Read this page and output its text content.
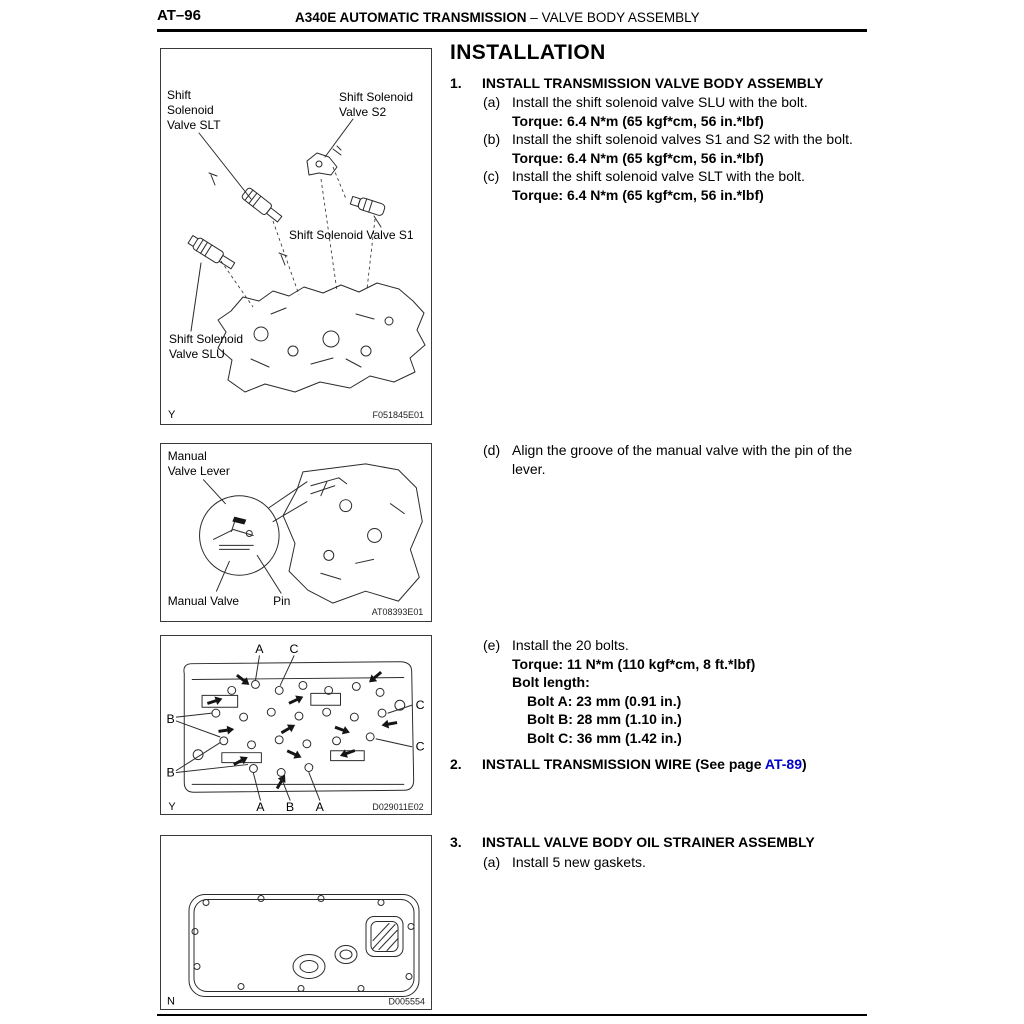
AT–96	A340E AUTOMATIC TRANSMISSION – VALVE BODY ASSEMBLY
Shift
Solenoid
Valve SLT
Shift Solenoid
Valve S2
Shift Solenoid Valve S1
Shift Solenoid
Valve SLU
Y	F051845E01
Manual
Valve Lever
Manual Valve	Pin
AT08393E01
A C
B
B
C
C
A B A
Y	D029011E02
N	D005554
INSTALLATION
1.	INSTALL TRANSMISSION VALVE BODY ASSEMBLY
(a) Install the shift solenoid valve SLU with the bolt.
Torque: 6.4 N*m (65 kgf*cm, 56 in.*lbf)
(b) Install the shift solenoid valves S1 and S2 with the bolt.
Torque: 6.4 N*m (65 kgf*cm, 56 in.*lbf)
(c) Install the shift solenoid valve SLT with the bolt.
Torque: 6.4 N*m (65 kgf*cm, 56 in.*lbf)
(d) Align the groove of the manual valve with the pin of the lever.
(e) Install the 20 bolts.
Torque: 11 N*m (110 kgf*cm, 8 ft.*lbf)
Bolt length:
Bolt A: 23 mm (0.91 in.)
Bolt B: 28 mm (1.10 in.)
Bolt C: 36 mm (1.42 in.)
2.	INSTALL TRANSMISSION WIRE (See page AT-89)
3.	INSTALL VALVE BODY OIL STRAINER ASSEMBLY
(a) Install 5 new gaskets.
